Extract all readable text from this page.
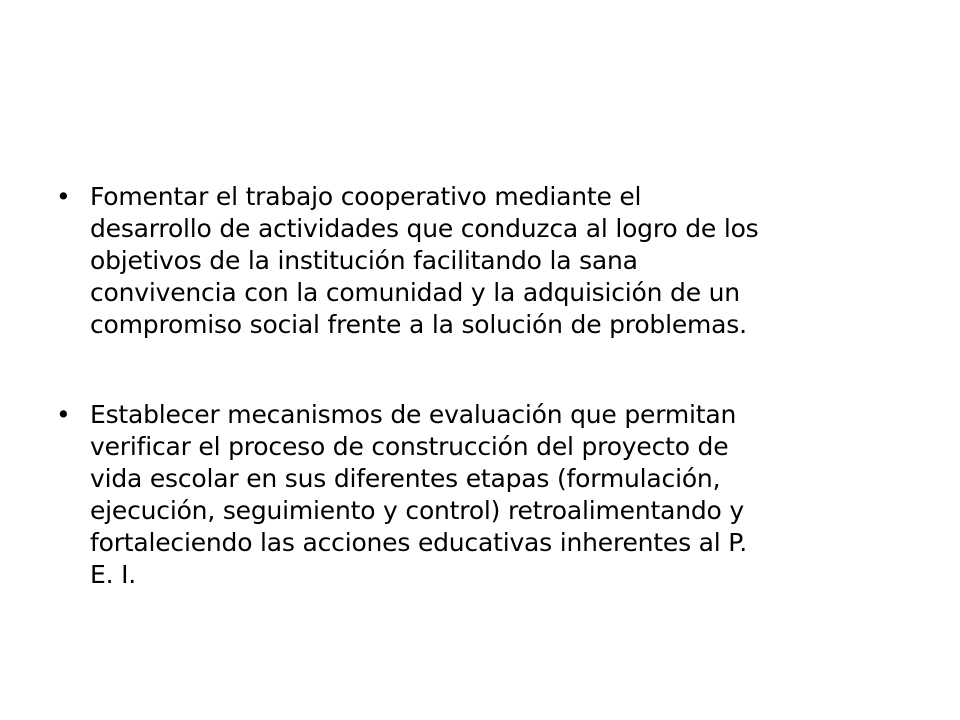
• Fomentar el trabajo cooperativo mediante el
desarrollo de actividades que conduzca al logro de los
objetivos de la institución facilitando la sana
convivencia con la comunidad y la adquisición de un
compromiso social frente a la solución de problemas.
• Establecer mecanismos de evaluación que permitan
verificar el proceso de construcción del proyecto de
vida escolar en sus diferentes etapas (formulación,
ejecución, seguimiento y control) retroalimentando y
fortaleciendo las acciones educativas inherentes al P.
E. I.
